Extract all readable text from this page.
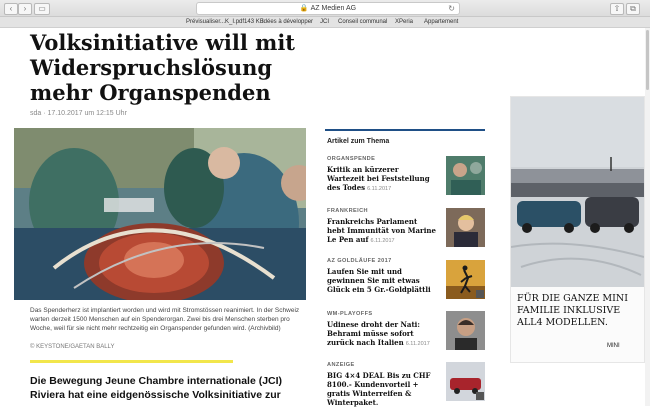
‹	›	▭	🔒 AZ Medien AG	↻	⇧	⧉
Prévisualiser...K_I.pdf143 KB
Idées à développer JCI Conseil communal XPeria Appartement
Volksinitiative will mit Widerspruchslösung mehr Organspenden
sda · 17.10.2017 um 12:15 Uhr
Das Spenderherz ist implantiert worden und wird mit Stromstössen reanimiert. In der Schweiz warten derzeit 1500 Menschen auf ein Spenderorgan. Zwei bis drei Menschen sterben pro Woche, weil für sie nicht mehr rechtzeitig ein Organspender gefunden wird. (Archivbild)
© KEYSTONE/GAETAN BALLY
Die Bewegung Jeune Chambre internationale (JCI) Riviera hat eine eidgenössische Volksinitiative zur
Artikel zum Thema
ORGANSPENDE
Kritik an kürzerer Wartezeit bei Feststellung des Todes 6.11.2017
FRANKREICH
Frankreichs Parlament hebt Immunität von Marine Le Pen auf 6.11.2017
AZ GOLDLÄUFE 2017
Laufen Sie mit und gewinnen Sie mit etwas Glück ein 5 Gr.-Goldplättli
WM-PLAYOFFS
Udinese droht der Nati: Behrami müsse sofort zurück nach Italien 6.11.2017
ANZEIGE
BIG 4×4 DEAL Bis zu CHF 8100.- Kundenvorteil + gratis Winterreifen & Winterpaket.
FÜR DIE GANZE MINI FAMILIE INKLUSIVE ALL4 MODELLEN.
MINI
